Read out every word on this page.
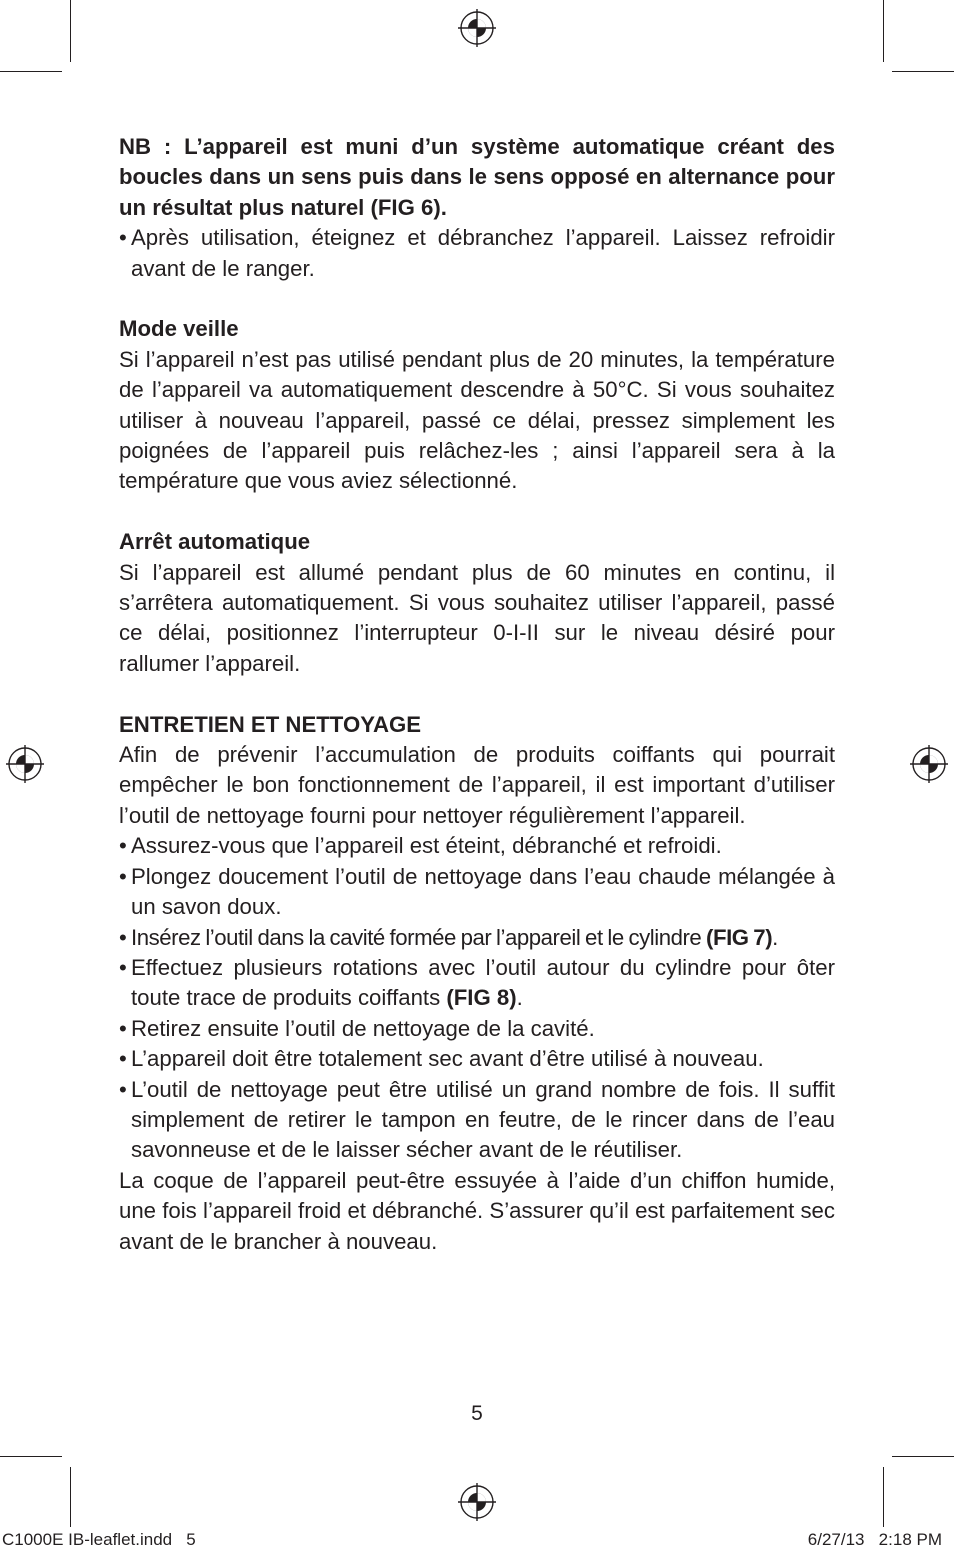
NB : L’appareil est muni d’un système automatique créant des boucles dans un sens puis dans le sens opposé en alternance pour un résultat plus naturel (FIG 6).

• Après utilisation, éteignez et débranchez l’appareil. Laissez refroidir avant de le ranger.

Mode veille

Si l’appareil n’est pas utilisé pendant plus de 20 minutes, la température de l’appareil va automatiquement descendre à 50°C. Si vous souhaitez utiliser à nouveau l’appareil, passé ce délai, pressez simplement les poignées de l’appareil puis relâchez-les ; ainsi l’appareil sera à la température que vous aviez sélectionné.

Arrêt automatique

Si l’appareil est allumé pendant plus de 60 minutes en continu, il s’arrêtera automatiquement. Si vous souhaitez utiliser l’appareil, passé ce délai, positionnez l’interrupteur 0-I-II sur le niveau désiré pour rallumer l’appareil.

ENTRETIEN ET NETTOYAGE

Afin de prévenir l’accumulation de produits coiffants qui pourrait empêcher le bon fonctionnement de l’appareil, il est important d’utiliser l’outil de nettoyage fourni pour nettoyer régulièrement l’appareil.

• Assurez-vous que l’appareil est éteint, débranché et refroidi.

• Plongez doucement l’outil de nettoyage dans l’eau chaude mélangée à un savon doux.

• Insérez l’outil dans la cavité formée par l’appareil et le cylindre (FIG 7).

• Effectuez plusieurs rotations avec l’outil autour du cylindre pour ôter toute trace de produits coiffants (FIG 8).

• Retirez ensuite l’outil de nettoyage de la cavité.

• L’appareil doit être totalement sec avant d’être utilisé à nouveau.

• L’outil de nettoyage peut être utilisé un grand nombre de fois. Il suffit simplement de retirer le tampon en feutre, de le rincer dans de l’eau savonneuse et de le laisser sécher avant de le réutiliser.

La coque de l’appareil peut-être essuyée à l’aide d’un chiffon humide, une fois l’appareil froid et débranché. S’assurer qu’il est parfaitement sec avant de le brancher à nouveau.

5
C1000E IB-leaflet.indd   5	6/27/13   2:18 PM
